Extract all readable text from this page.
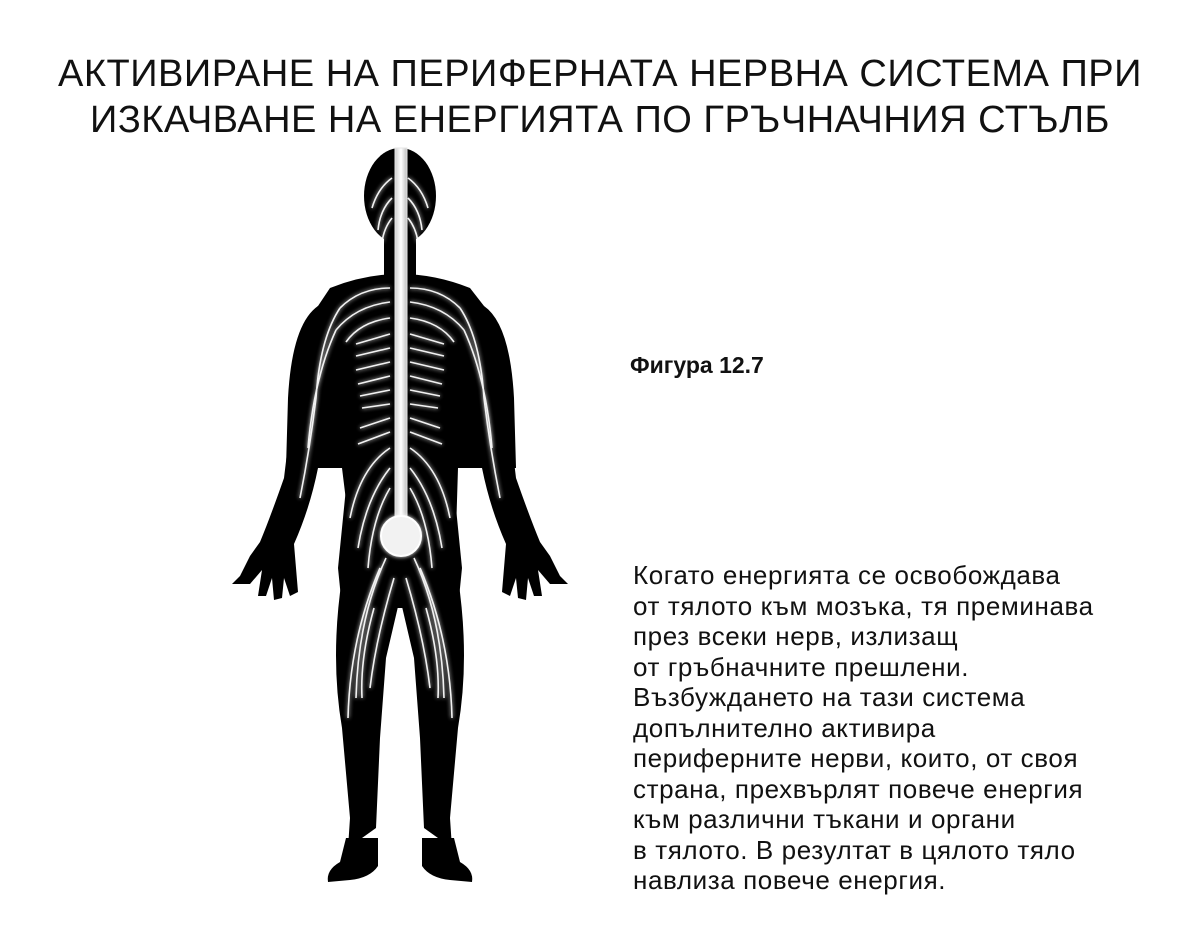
АКТИВИРАНЕ НА ПЕРИФЕРНАТА НЕРВНА СИСТЕМА ПРИ
ИЗКАЧВАНЕ НА ЕНЕРГИЯТА ПО ГРЪЧНАЧНИЯ СТЪЛБ
Фигура 12.7
Когато енергията се освобождава
от тялото към мозъка, тя преминава
през всеки нерв, излизащ
от гръбначните прешлени.
Възбуждането на тази система
допълнително активира
периферните нерви, които, от своя
страна, прехвърлят повече енергия
към различни тъкани и органи
в тялото. В резултат в цялото тяло
навлиза повече енергия.
